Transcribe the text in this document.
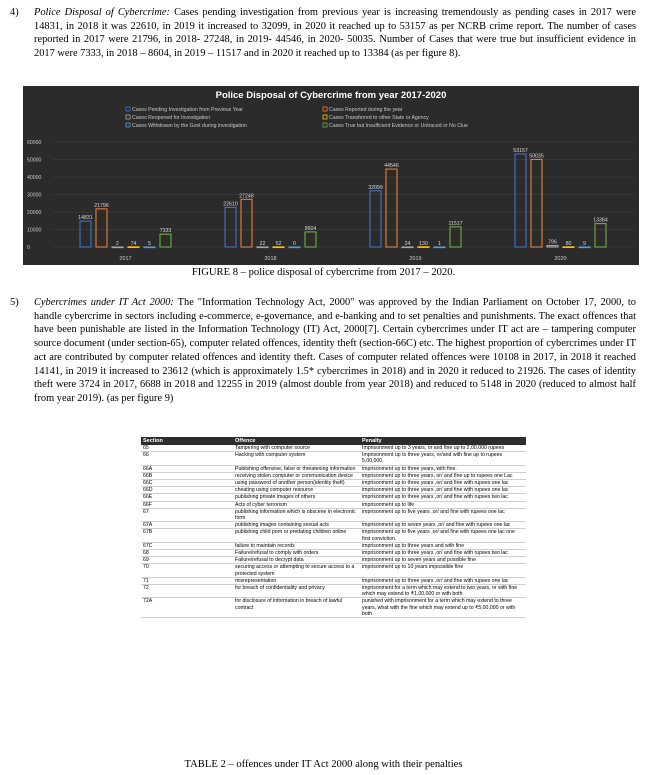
4) Police Disposal of Cybercrime: Cases pending investigation from previous year is increasing tremendously as pending cases in 2017 were 14831, in 2018 it was 22610, in 2019 it increased to 32099, in 2020 it reached up to 53157 as per NCRB crime report. The number of cases reported in 2017 were 21796, in 2018- 27248, in 2019- 44546, in 2020- 50035. Number of Cases that were true but insufficient evidence in 2017 were 7333, in 2018 – 8604, in 2019 – 11517 and in 2020 it reached up to 13384 (as per figure 8).
Police Disposal of Cybercrime from year 2017-2020
Cases Pending Investigation from Previous Year	Cases Reported during the year
Cases Reopened for Investigation	Cases Transferred to other State or Agency
Cases Withdrawn by the Govt during investigation	Cases True but Insufficient Evidence or Untraced or No Clue
0
10000
20000
30000
40000
50000
60000
14831
21796
2 74 5
7333
2017
22610
27248
22 52 0
8604
2018
32099
44546
24 130 1
11517
2019
53157
50035
796 80 9
13384
2020
FIGURE 8 – police disposal of cybercrime from 2017 – 2020.
5) Cybercrimes under IT Act 2000: The "Information Technology Act, 2000" was approved by the Indian Parliament on October 17, 2000, to handle cybercrime in sectors including e-commerce, e-governance, and e-banking and to set penalties and punishments. The exact offences that have been punishable are listed in the Information Technology (IT) Act, 2000[7]. Certain cybercrimes under IT act are – tampering computer source document (under section-65), computer related offences, identity theft (section-66C) etc. The highest proportion of cybercrimes under IT act are contributed by computer related offences and identity theft. Cases of computer related offences were 10108 in 2017, in 2018 it reached 14141, in 2019 it increased to 23612 (which is approximately 1.5* cybercrimes in 2018) and in 2020 it reduced to 21926. The cases of identity theft were 3724 in 2017, 6688 in 2018 and 12255 in 2019 (almost double from year 2018) and reduced to 5148 in 2020 (reduced to almost half from year 2019). (as per figure 9)
Section	Offence	Penalty
65	Tampering with computer source	Imprisonment up to 3 years, or and fine up to 2,00,000 rupees
66	Hacking with computer system	Imprisonment up to three years, or/and with fine up to rupees 5,00,000.
66A	Publishing offensive, false or threatening information	imprisonment up to three years, with fine.
66B	receiving stolen computer or communication device	imprisonment up to three years, or/ and fine up to rupees one Lac
66C	using password of another person(identity theft)	imprisonment up to three years ,or/ and fine with rupees one lac
66D	cheating using computer resource	imprisonment up to three years ,or/ and fine with rupees one lac
66E	publishing private images of others	imprisonment up to three years ,or/ and fine with rupees two lac
66F	Acts of cyber terrorism	imprisonment up to life
67	publishing information which is obscene in electronic form	imprisonment up to five years ,or/ and fine with rupees one lac
67A	publishing images containing sexual acts	imprisonment up to seven years ,or/ and fine with rupees one lac
67B	publishing child porn or predating children online	imprisonment up to five years ,or/ and fine with rupees one lac one first conviction.
67C	failure to maintain records	imprisonment up to three years and with fine
68	Failure/refusal to comply with orders	imprisonment up to three years ,or/ and fine with rupees two lac
69	Failure/refusal to decrypt data	imprisonment up to seven years and possible fine
70	securing access or attempting to secure access to a protected system	imprisonment up to 10 years impossible fine
71	misrepresentation	imprisonment up to three years ,or/ and fine with rupees one lac
72	for breach of confidentiality and privacy	imprisonment for a term which may extend to two years, or with fine which may extend to ₹1,00,000 or with both
72A	for disclosure of information in breach of lawful contract	punished with imprisonment for a term which may extend to three years, what with the fine which may extend up to ₹5,00,000 or with both
TABLE 2 – offences under IT Act 2000 along with their penalties
